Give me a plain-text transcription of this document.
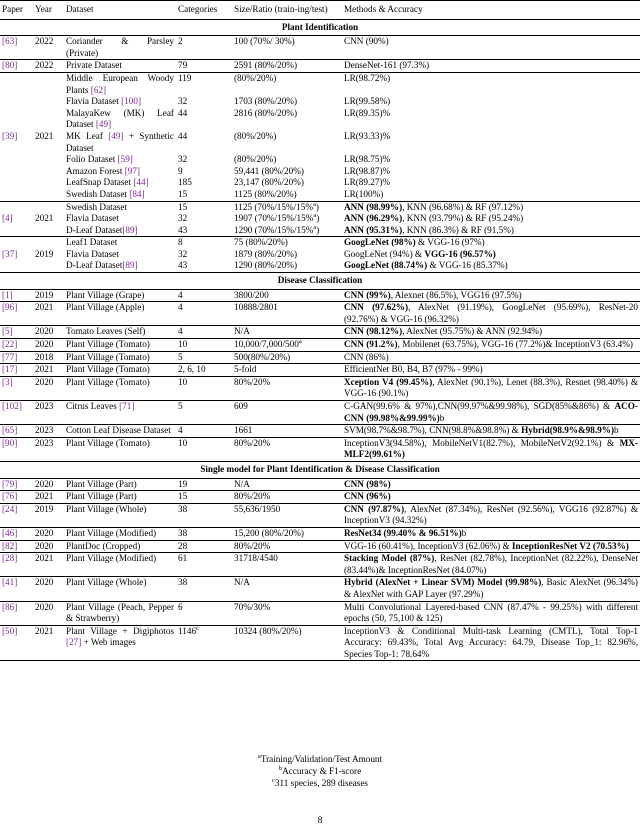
Paper	Year	Dataset	Categories	Size/Ratio (train-ing/test)	Methods & Accuracy
Plant Identification					
[63]	2022	Coriander & Parsley (Private)	2	100 (70%/ 30%)	CNN (90%)
[80]	2022	Private Dataset	79	2591 (80%/20%)	DenseNet-161 (97.3%)
		Middle European Woody Plants [62]	119	(80%/20%)	LR(98.72%)
		Flavia Dataset [100]	32	1703 (80%/20%)	LR(99.58%)
		MalayaKew (MK) Leaf Dataset [49]	44	2816 (80%/20%)	LR(89.35)%
[39]	2021	MK Leaf [49] + Synthetic Dataset	44	(80%/20%)	LR(93.33)%
		Folio Dataset [59]	32	(80%/20%)	LR(98.75)%
		Amazon Forest [97]	9	59,441 (80%/20%)	LR(98.87)%
		LeafSnap Dataset [44]	185	23,147 (80%/20%)	LR(89.27)%
		Swedish Dataset [84]	15	1125 (80%/20%)	LR(100%)
		Swedish Dataset	15	1125 (70%/15%/15%$^a$)	ANN (98.99%), KNN (96.68%) & RF (97.12%)
[4]	2021	Flavia Dataset	32	1907 (70%/15%/15%$^a$)	ANN (96.29%), KNN (93.79%) & RF (95.24%)
		D-Leaf Dataset[89]	43	1290 (70%/15%/15%$^a$)	ANN (95.31%), KNN (86.3%) & RF (91.5%)
		Leaf1 Dataset	8	75 (80%/20%)	GoogLeNet (98%) & VGG-16 (97%)
[37]	2019	Flavia Dataset	32	1879 (80%/20%)	GoogLeNet (94%) & VGG-16 (96.57%)
		D-Leaf Dataset[89]	43	1290 (80%/20%)	GoogLeNet (88.74%) & VGG-16 (85.37%)
Disease Classification					
[1]	2019	Plant Village (Grape)	4	3800/200	CNN (99%), Alexnet (86.5%), VGG16 (97.5%)
[96]	2021	Plant Village (Apple)	4	10888/2801	CNN (97.62%), AlexNet (91.19%), GoogLeNet (95.69%), ResNet-20 (92.76%) & VGG-16 (96.32%)
[5]	2020	Tomato Leaves (Self)	4	N/A	CNN (98.12%), AlexNet (95.75%) & ANN (92.94%)
[22]	2020	Plant Village (Tomato)	10	10,000/7,000/500$^a$	CNN (91.2%), Mobilenet (63.75%), VGG-16 (77.2%)& InceptionV3 (63.4%)
[77]	2018	Plant Village (Tomato)	5	500(80%/20%)	CNN (86%)
[17]	2021	Plant Village (Tomato)	2, 6, 10	5-fold	EfficientNet B0, B4, B7 (97% - 99%)
[3]	2020	Plant Village (Tomato)	10	80%/20%	Xception V4 (99.45%), AlexNet (90.1%), Lenet (88.3%), Resnet (98.40%) & VGG-16 (90.1%)
[102]	2023	Citrus Leaves [71]	5	609	C-GAN(99.6% & 97%),CNN(99.97%&99.98%), SGD(85%&86%) & ACO-CNN (99.98%&99.99%)b
[65]	2023	Cotton Leaf Disease Dataset	4	1661	SVM(98.7%&98.7%), CNN(98.8%&98.8%) & Hybrid(98.9%&98.9%)b
[90]	2023	Plant Village (Tomato)	10	80%/20%	InceptionV3(94.58%), MobileNetV1(82.7%), MobileNetV2(92.1%) & MX-MLF2(99.61%)
Single model for Plant Identification & Disease Classification					
[79]	2020	Plant Village (Part)	19	N/A	CNN (98%)
[76]	2021	Plant Village (Part)	15	80%/20%	CNN (96%)
[24]	2019	Plant Village (Whole)	38	55,636/1950	CNN (97.87%), AlexNet (87.34%), ResNet (92.56%), VGG16 (92.87%) & InceptionV3 (94.32%)
[46]	2020	Plant Village (Modified)	38	15,200 (80%/20%)	ResNet34 (99.40% & 96.51%)b
[82]	2020	PlantDoc (Cropped)	28	80%/20%	VGG-16 (60.41%), InceptionV3 (62.06%) & InceptionResNet V2 (70.53%)
[28]	2021	Plant Village (Modified)	61	31718/4540	Stacking Model (87%), ResNet (82.78%), InceptionNet (82.22%), DenseNet (83.44%)& InceptionResNet (84.07%)
[41]	2020	Plant Village (Whole)	38	N/A	Hybrid (AlexNet + Linear SVM) Model (99.98%), Basic AlexNet (96.34%) & AlexNet with GAP Layer (97.29%)
[86]	2020	Plant Village (Peach, Pepper & Strawberry)	6	70%/30%	Multi Convolutional Layered-based CNN (87.47% - 99.25%) with different epochs (50, 75,100 & 125)
[50]	2021	Plant Village + Digiphotos [27] + Web images	1146$^c$	10324 (80%/20%)	InceptionV3 & Conditional Multi-task Learning (CMTL), Total Top-1 Accuracy: 69.43%, Total Avg Accuracy: 64.79, Disease Top_1: 82.96%, Species Top-1: 78.64%
$^a$Training/Validation/Test Amount
$^b$Accuracy & F1-score
$^c$311 species, 289 diseases
8
